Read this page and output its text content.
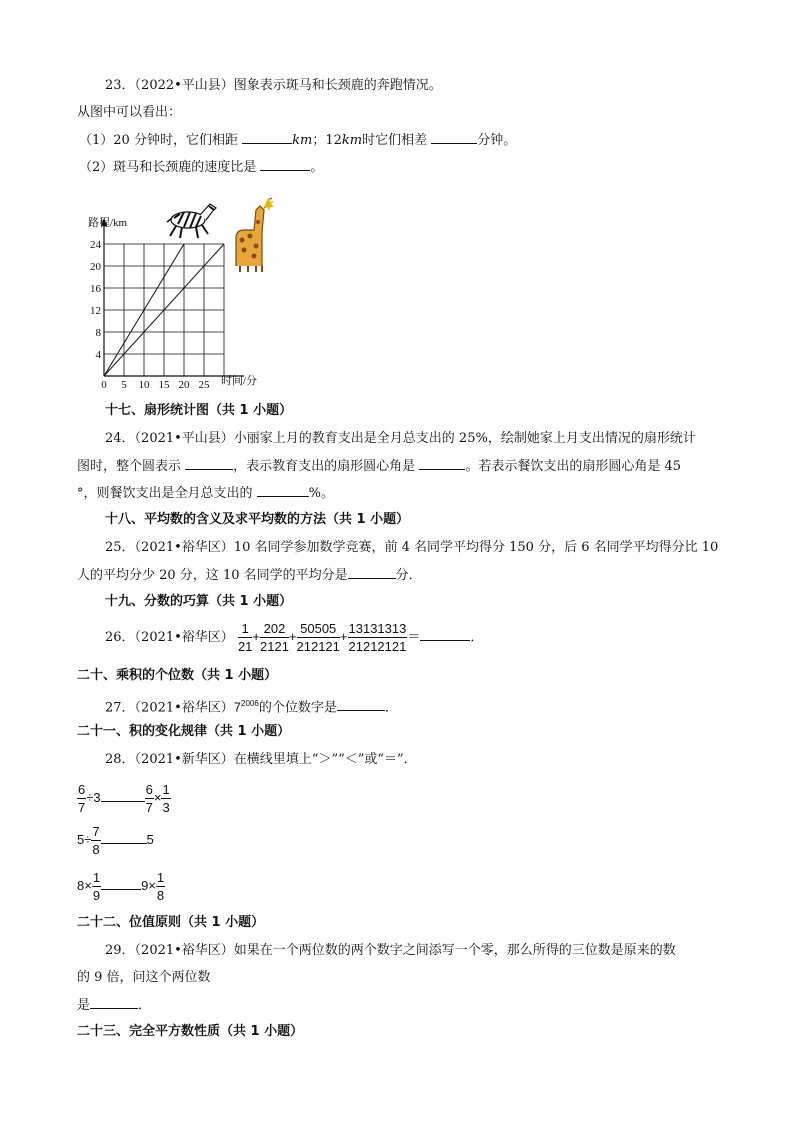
23．（2022•平山县）图象表示斑马和长颈鹿的奔跑情况。
从图中可以看出：
（1）20 分钟时，它们相距	km；12km时它们相差	分钟。
（2）斑马和长颈鹿的速度比是	。
24
20
16
12
8
4
0 5 10 15 20 25
路程/km
时间/分
十七、扇形统计图（共 1 小题）
24．（2021•平山县）小丽家上月的教育支出是全月总支出的 25%，绘制她家上月支出情况的扇形统计
图时，整个圆表示	，表示教育支出的扇形圆心角是	。若表示餐饮支出的扇形圆心角是 45
°，则餐饮支出是全月总支出的	%。
十八、平均数的含义及求平均数的方法（共 1 小题）
25．（2021•裕华区）10 名同学参加数学竞赛，前 4 名同学平均得分 150 分，后 6 名同学平均得分比 10
人的平均分少 20 分，这 10 名同学的平均分是	分．
十九、分数的巧算（共 1 小题）
26．（2021•裕华区） $\frac{1}{21} + \frac{202}{2121} + \frac{50505}{212121} + \frac{13131313}{21212121}$ ＝	．
二十、乘积的个位数（共 1 小题）
27．（2021•裕华区）$7^{2006}$的个位数字是	．
二十一、积的变化规律（共 1 小题）
28．（2021•新华区）在横线里填上“＞”“＜”或“＝”．
$\frac{6}{7} \div 3$	$\frac{6}{7} \times \frac{1}{3}$
$5\div \frac{7}{8}$	5
$8\times \frac{1}{9}$	$9\times \frac{1}{8}$
二十二、位值原则（共 1 小题）
29．（2021•裕华区）如果在一个两位数的两个数字之间添写一个零，那么所得的三位数是原来的数
的 9 倍，问这个两位数
是	．
二十三、完全平方数性质（共 1 小题）
